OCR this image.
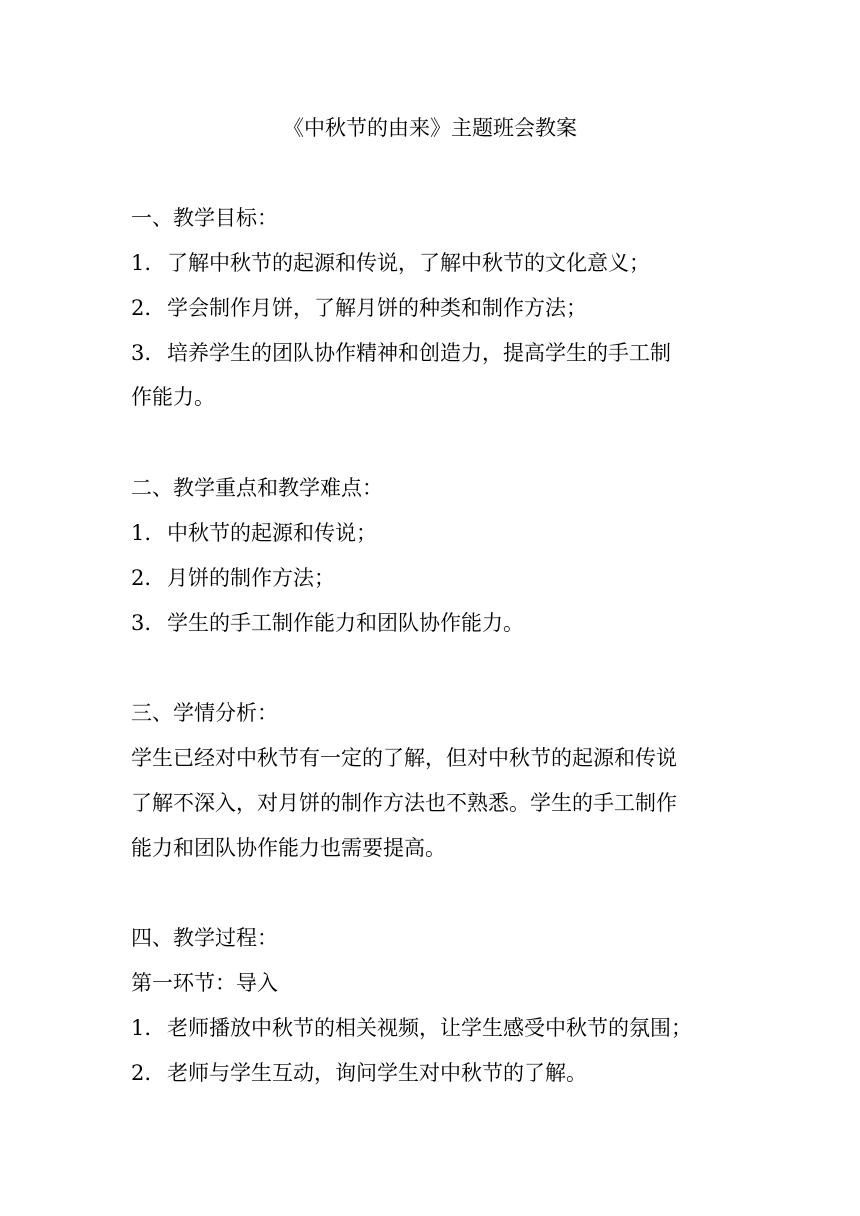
《中秋节的由来》主题班会教案
一、教学目标：
1. 了解中秋节的起源和传说，了解中秋节的文化意义；
2. 学会制作月饼，了解月饼的种类和制作方法；
3. 培养学生的团队协作精神和创造力，提高学生的手工制
作能力。
二、教学重点和教学难点：
1. 中秋节的起源和传说；
2. 月饼的制作方法；
3. 学生的手工制作能力和团队协作能力。
三、学情分析：
学生已经对中秋节有一定的了解，但对中秋节的起源和传说
了解不深入，对月饼的制作方法也不熟悉。学生的手工制作
能力和团队协作能力也需要提高。
四、教学过程：
第一环节：导入
1. 老师播放中秋节的相关视频，让学生感受中秋节的氛围；
2. 老师与学生互动，询问学生对中秋节的了解。
